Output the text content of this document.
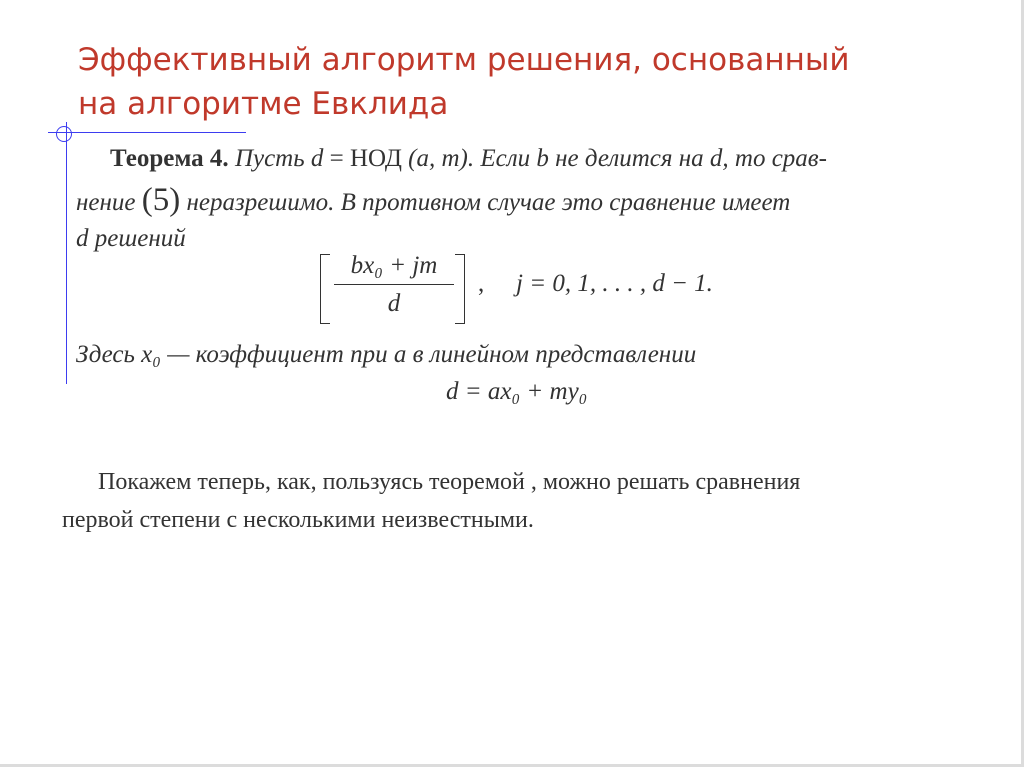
Эффективный алгоритм решения, основанный
на алгоритме Евклида
Теорема 4. Пусть d = НОД (a, m). Если b не делится на d, то срав-
нение (5) неразрешимо. В противном случае это сравнение имеет
d решений
bx₀ + jm
d
, j = 0, 1, . . . , d − 1.
Здесь x₀ — коэффициент при a в линейном представлении
d = ax₀ + my₀
Покажем теперь, как, пользуясь теоремой , можно решать сравнения
первой степени с несколькими неизвестными.
